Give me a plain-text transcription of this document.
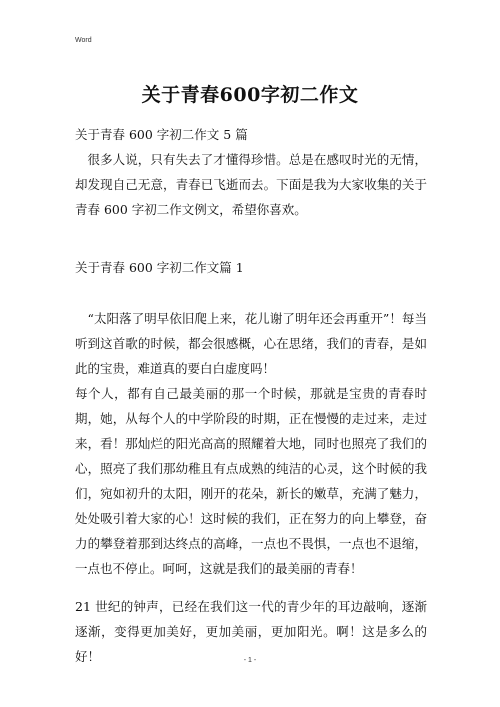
Word
关于青春600字初二作文

关于青春 600 字初二作文 5 篇

很多人说，只有失去了才懂得珍惜。总是在感叹时光的无情，却发现自己无意，青春已飞逝而去。下面是我为大家收集的关于青春 600 字初二作文例文，希望你喜欢。

关于青春 600 字初二作文篇 1

“太阳落了明早依旧爬上来，花儿谢了明年还会再重开”！每当听到这首歌的时候，都会很感概，心在思绪，我们的青春，是如此的宝贵，难道真的要白白虚度吗！

每个人，都有自己最美丽的那一个时候，那就是宝贵的青春时期，她，从每个人的中学阶段的时期，正在慢慢的走过来，走过来，看！那灿烂的阳光高高的照耀着大地，同时也照亮了我们的心，照亮了我们那幼稚且有点成熟的纯洁的心灵，这个时候的我们，宛如初升的太阳，刚开的花朵，新长的嫩草，充满了魅力，处处吸引着大家的心！这时候的我们，正在努力的向上攀登，奋力的攀登着那到达终点的高峰，一点也不畏惧，一点也不退缩，一点也不停止。呵呵，这就是我们的最美丽的青春！

21 世纪的钟声，已经在我们这一代的青少年的耳边敲响，逐渐逐渐，变得更加美好，更加美丽，更加阳光。啊！这是多么的好！	- 1 -
